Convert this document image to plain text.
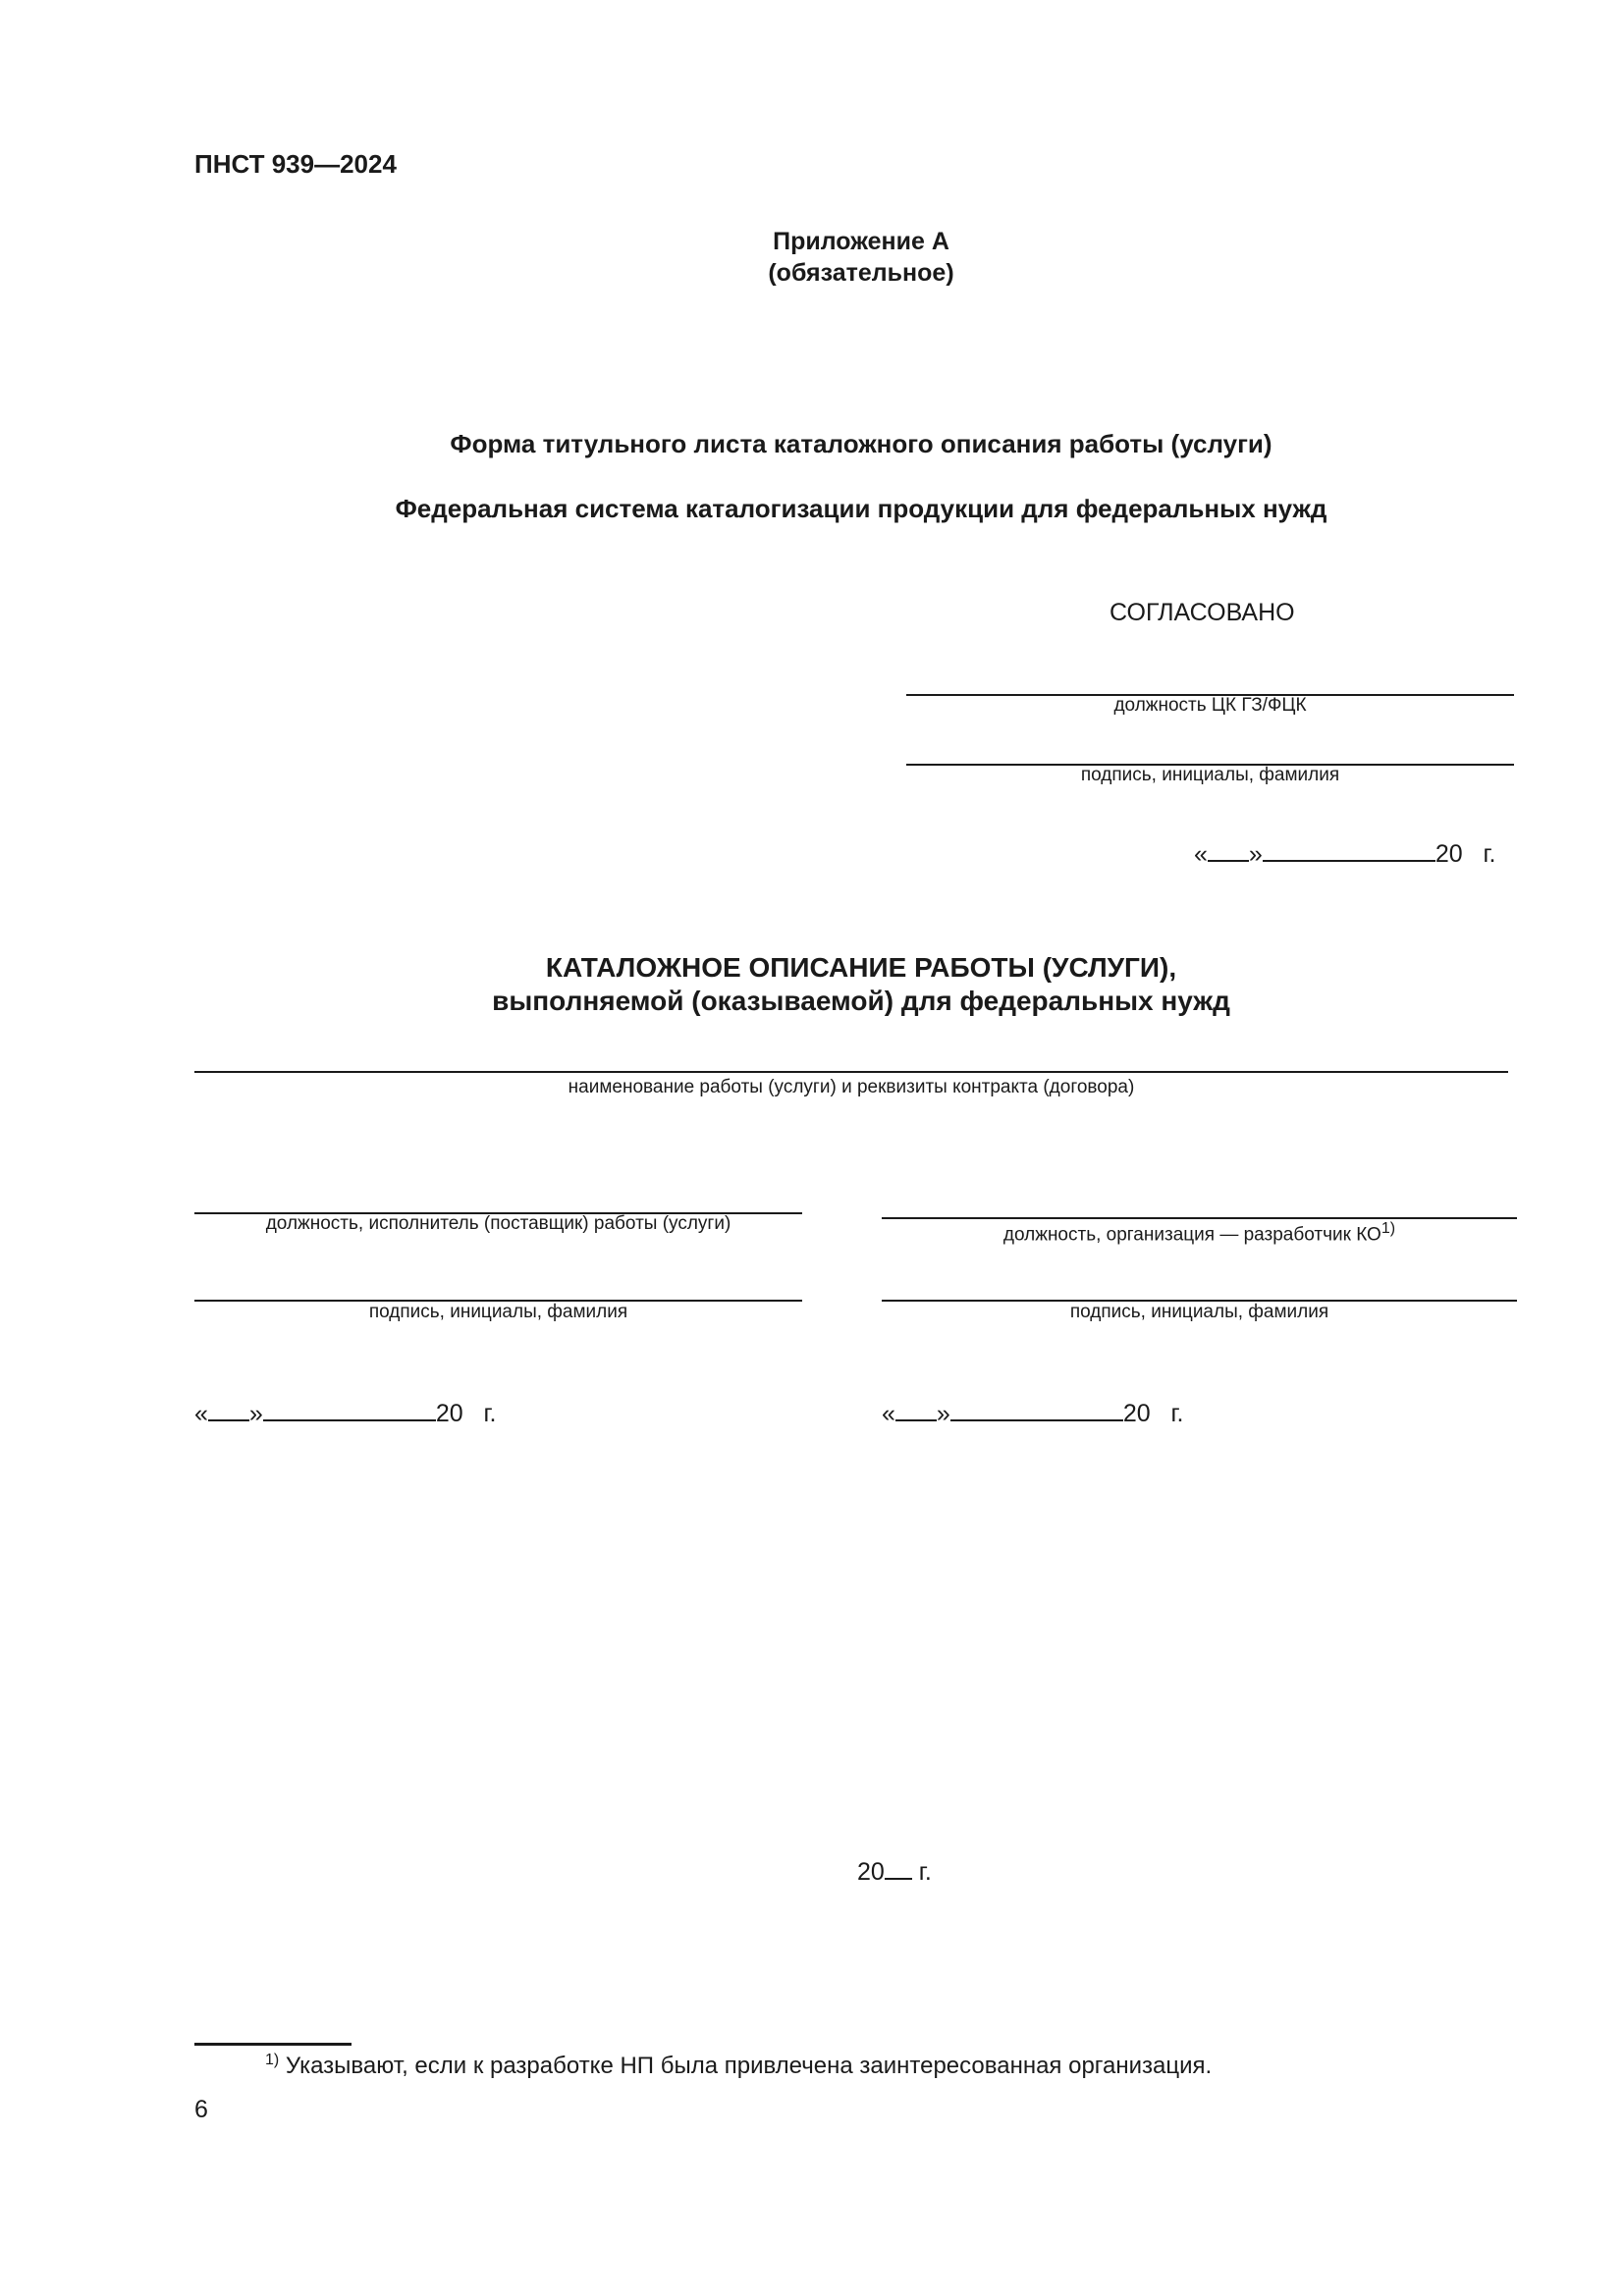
ПНСТ 939—2024
Приложение А
(обязательное)
Форма титульного листа каталожного описания работы (услуги)
Федеральная система каталогизации продукции для федеральных нужд
СОГЛАСОВАНО
должность ЦК ГЗ/ФЦК
подпись, инициалы, фамилия
« »	20 г.
КАТАЛОЖНОЕ ОПИСАНИЕ РАБОТЫ (УСЛУГИ),
выполняемой (оказываемой) для федеральных нужд
наименование работы (услуги) и реквизиты контракта (договора)
должность, исполнитель (поставщик) работы (услуги)
подпись, инициалы, фамилия
« »	20 г.
должность, организация — разработчик КО$^{1)}$
подпись, инициалы, фамилия
« »	20 г.
20 г.
$^{1)}$ Указывают, если к разработке НП была привлечена заинтересованная организация.
6
